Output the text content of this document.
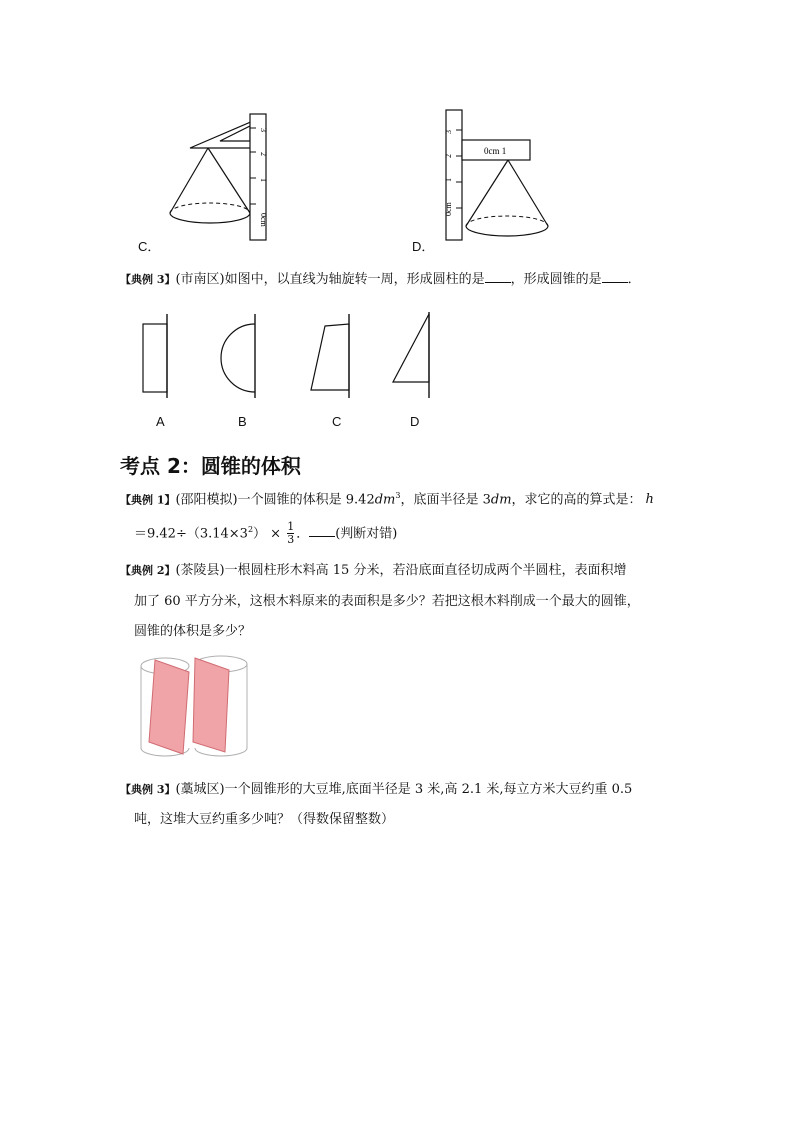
0cm
1
2
3
C．
0cm
1
2
3
0cm 1
D．
【典例 3】(市南区)如图中，以直线为轴旋转一周，形成圆柱的是 ，形成圆锥的是 ．
A	B	C	D
考点 2：圆锥的体积
【典例 1】(邵阳模拟)一个圆锥的体积是 $9.42dm^3$，底面半径是 3dm，求它的高的算式是： h
$=9.42\div(3.14\times 3^2) \times \frac{1}{3}$ ． (判断对错)
【典例 2】(茶陵县)一根圆柱形木料高 15 分米，若沿底面直径切成两个半圆柱，表面积增
加了 60 平方分米，这根木料原来的表面积是多少？若把这根木料削成一个最大的圆锥，
圆锥的体积是多少？
【典例 3】(藁城区)一个圆锥形的大豆堆,底面半径是 3 米,高 2.1 米,每立方米大豆约重 0.5
吨，这堆大豆约重多少吨？（得数保留整数）
